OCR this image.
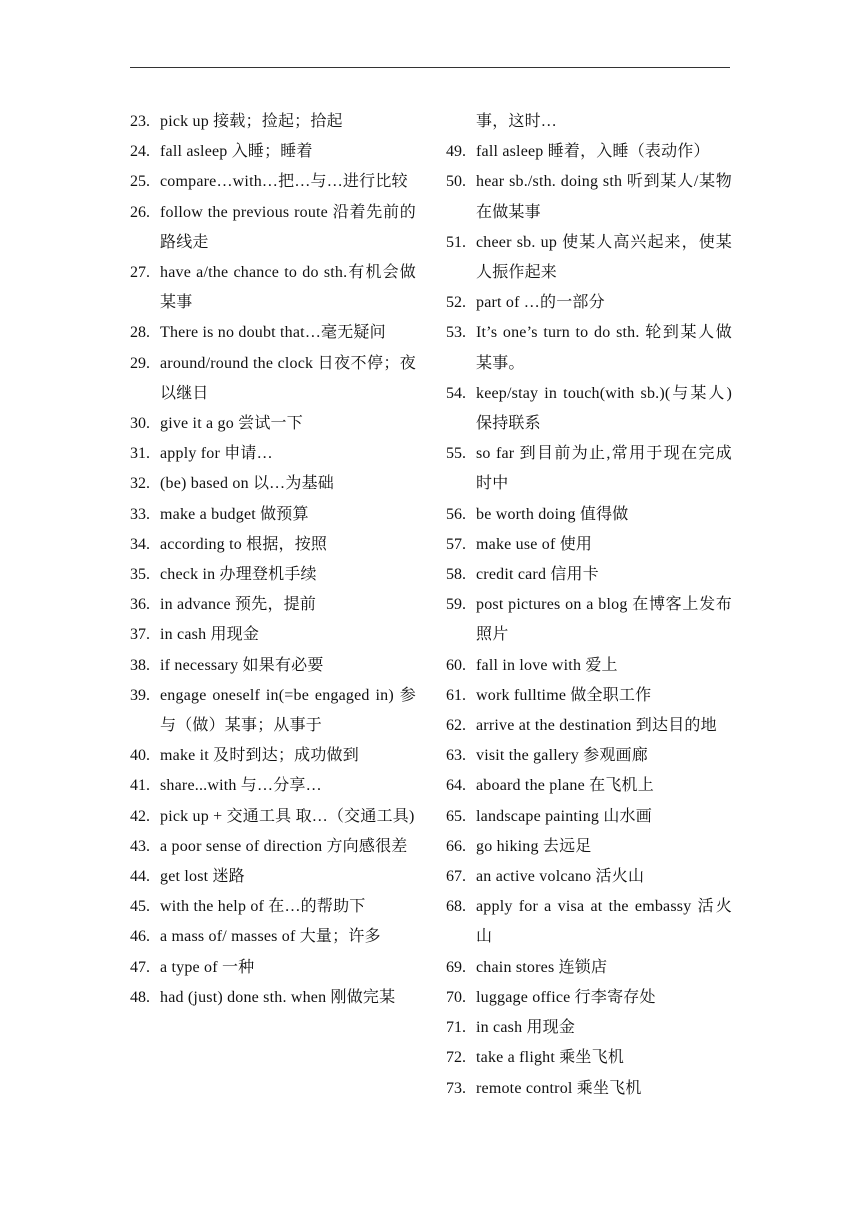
23. pick up 接载；捡起；拾起
24. fall asleep 入睡；睡着
25. compare…with…把…与…进行比较
26. follow the previous route 沿着先前的路线走
27. have a/the chance to do sth.有机会做某事
28. There is no doubt that…毫无疑问
29. around/round the clock 日夜不停；夜以继日
30. give it a go 尝试一下
31. apply for 申请…
32. (be) based on 以…为基础
33. make a budget 做预算
34. according to 根据，按照
35. check in 办理登机手续
36. in advance 预先，提前
37. in cash 用现金
38. if necessary 如果有必要
39. engage oneself in(=be engaged in) 参与（做）某事；从事于
40. make it 及时到达；成功做到
41. share...with 与…分享…
42. pick up + 交通工具 取…（交通工具)
43. a poor sense of direction 方向感很差
44. get lost 迷路
45. with the help of 在…的帮助下
46. a mass of/ masses of 大量；许多
47. a type of 一种
48. had (just) done sth. when 刚做完某
事，这时…
49. fall asleep 睡着，入睡（表动作）
50. hear sb./sth. doing sth 听到某人/某物在做某事
51. cheer sb. up 使某人高兴起来，使某人振作起来
52. part of …的一部分
53. It’s one’s turn to do sth. 轮到某人做某事。
54. keep/stay in touch(with sb.)(与某人)保持联系
55. so far 到目前为止,常用于现在完成时中
56. be worth doing 值得做
57. make use of 使用
58. credit card 信用卡
59. post pictures on a blog 在博客上发布照片
60. fall in love with 爱上
61. work fulltime 做全职工作
62. arrive at the destination 到达目的地
63. visit the gallery 参观画廊
64. aboard the plane 在飞机上
65. landscape painting 山水画
66. go hiking 去远足
67. an active volcano 活火山
68. apply for a visa at the embassy 活火山
69. chain stores 连锁店
70. luggage office 行李寄存处
71. in cash 用现金
72. take a flight 乘坐飞机
73. remote control 乘坐飞机
